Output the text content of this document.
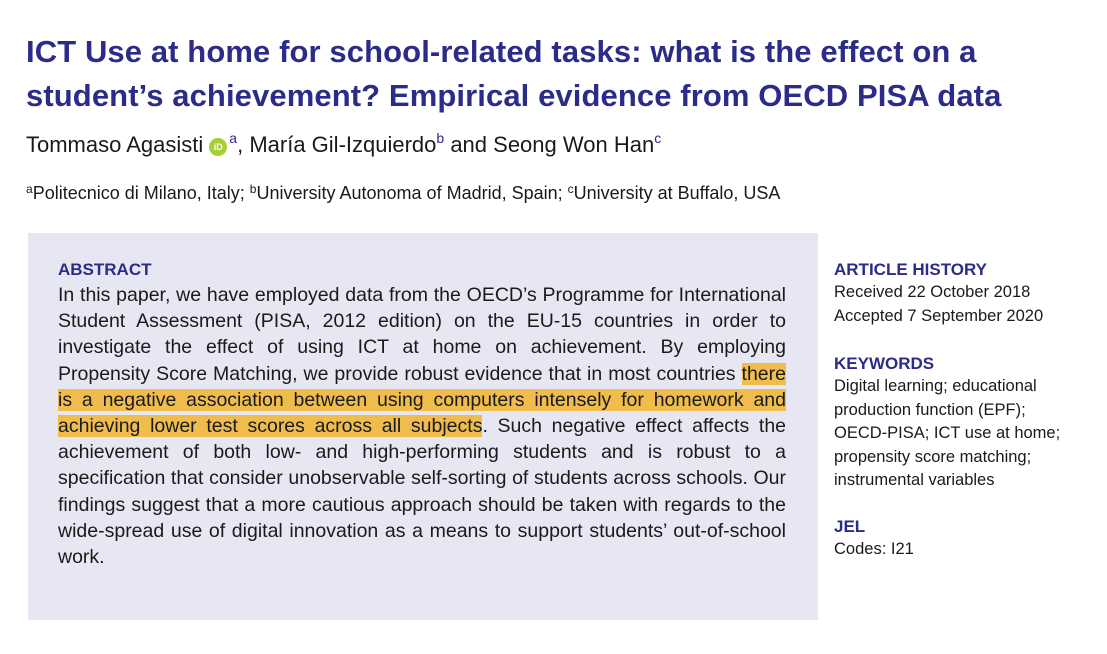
ICT Use at home for school-related tasks: what is the effect on a student’s achievement? Empirical evidence from OECD PISA data
Tommaso Agasisti $iD^a$, María Gil-Izquierdo$^b$ and Seong Won Han$^c$
$^a$Politecnico di Milano, Italy; $^b$University Autonoma of Madrid, Spain; $^c$University at Buffalo, USA
ABSTRACT

In this paper, we have employed data from the OECD’s Programme for International Student Assessment (PISA, 2012 edition) on the EU-15 countries in order to investigate the effect of using ICT at home on achievement. By employing Propensity Score Matching, we provide robust evidence that in most countries there is a negative association between using computers intensely for homework and achieving lower test scores across all subjects. Such negative effect affects the achievement of both low- and high-performing students and is robust to a specification that consider unobservable self-sorting of students across schools. Our findings suggest that a more cautious approach should be taken with regards to the wide-spread use of digital innovation as a means to support students’ out-of-school work.

ARTICLE HISTORY
Received 22 October 2018
Accepted 7 September 2020
KEYWORDS
Digital learning; educational
production function (EPF);
OECD-PISA; ICT use at home;
propensity score matching;
instrumental variables
JEL
Codes: I21
